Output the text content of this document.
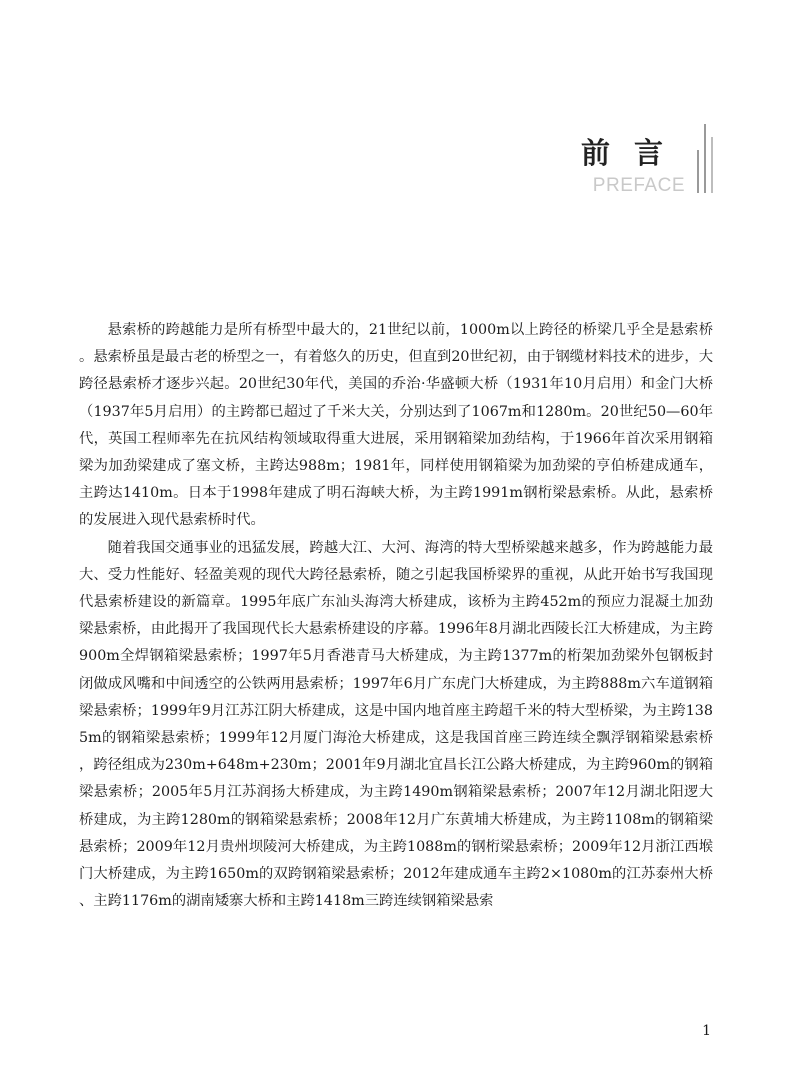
前言
PREFACE

悬索桥的跨越能力是所有桥型中最大的，21世纪以前，1000m以上跨径的桥梁几乎全是悬索桥。悬索桥虽是最古老的桥型之一，有着悠久的历史，但直到20世纪初，由于钢缆材料技术的进步，大跨径悬索桥才逐步兴起。20世纪30年代，美国的乔治·华盛顿大桥（1931年10月启用）和金门大桥（1937年5月启用）的主跨都已超过了千米大关，分别达到了1067m和1280m。20世纪50—60年代，英国工程师率先在抗风结构领域取得重大进展，采用钢箱梁加劲结构，于1966年首次采用钢箱梁为加劲梁建成了塞文桥，主跨达988m；1981年，同样使用钢箱梁为加劲梁的亨伯桥建成通车，主跨达1410m。日本于1998年建成了明石海峡大桥，为主跨1991m钢桁梁悬索桥。从此，悬索桥的发展进入现代悬索桥时代。

随着我国交通事业的迅猛发展，跨越大江、大河、海湾的特大型桥梁越来越多，作为跨越能力最大、受力性能好、轻盈美观的现代大跨径悬索桥，随之引起我国桥梁界的重视，从此开始书写我国现代悬索桥建设的新篇章。1995年底广东汕头海湾大桥建成，该桥为主跨452m的预应力混凝土加劲梁悬索桥，由此揭开了我国现代长大悬索桥建设的序幕。1996年8月湖北西陵长江大桥建成，为主跨900m全焊钢箱梁悬索桥；1997年5月香港青马大桥建成，为主跨1377m的桁架加劲梁外包钢板封闭做成风嘴和中间透空的公铁两用悬索桥；1997年6月广东虎门大桥建成，为主跨888m六车道钢箱梁悬索桥；1999年9月江苏江阴大桥建成，这是中国内地首座主跨超千米的特大型桥梁，为主跨1385m的钢箱梁悬索桥；1999年12月厦门海沧大桥建成，这是我国首座三跨连续全飘浮钢箱梁悬索桥，跨径组成为230m+648m+230m；2001年9月湖北宜昌长江公路大桥建成，为主跨960m的钢箱梁悬索桥；2005年5月江苏润扬大桥建成，为主跨1490m钢箱梁悬索桥；2007年12月湖北阳逻大桥建成，为主跨1280m的钢箱梁悬索桥；2008年12月广东黄埔大桥建成，为主跨1108m的钢箱梁悬索桥；2009年12月贵州坝陵河大桥建成，为主跨1088m的钢桁梁悬索桥；2009年12月浙江西堠门大桥建成，为主跨1650m的双跨钢箱梁悬索桥；2012年建成通车主跨2×1080m的江苏泰州大桥、主跨1176m的湖南矮寨大桥和主跨1418m三跨连续钢箱梁悬索

1
